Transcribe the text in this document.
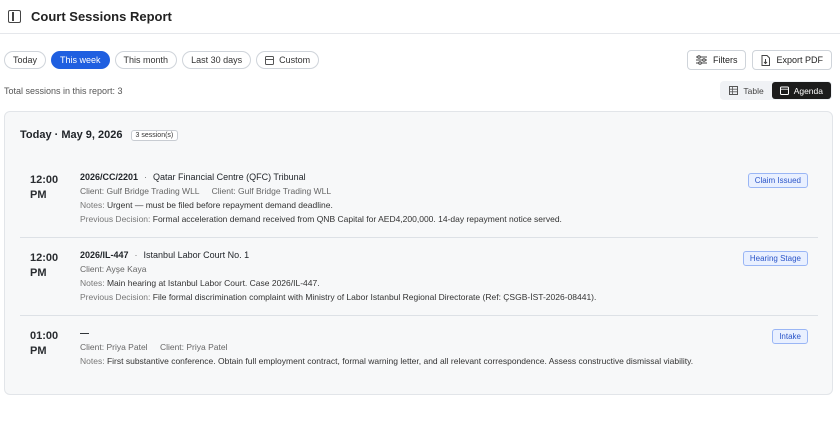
Court Sessions Report
Today	This week	This month	Last 30 days	Custom	Filters	Export PDF
Total sessions in this report: 3	Table	Agenda
Today · May 9, 2026	3 session(s)
12:00
PM
2026/CC/2201 · Qatar Financial Centre (QFC) Tribunal
Client: Gulf Bridge Trading WLL Client: Gulf Bridge Trading WLL
Notes: Urgent — must be filed before repayment demand deadline.
Previous Decision: Formal acceleration demand received from QNB Capital for AED4,200,000. 14-day repayment notice served.
Claim Issued
12:00
PM
2026/IL-447 · Istanbul Labor Court No. 1
Client: Ayşe Kaya
Notes: Main hearing at Istanbul Labor Court. Case 2026/IL-447.
Previous Decision: File formal discrimination complaint with Ministry of Labor Istanbul Regional Directorate (Ref: ÇSGB-İST-2026-08441).
Hearing Stage
01:00
PM
—
Client: Priya Patel Client: Priya Patel
Notes: First substantive conference. Obtain full employment contract, formal warning letter, and all relevant correspondence. Assess constructive dismissal viability.
Intake
